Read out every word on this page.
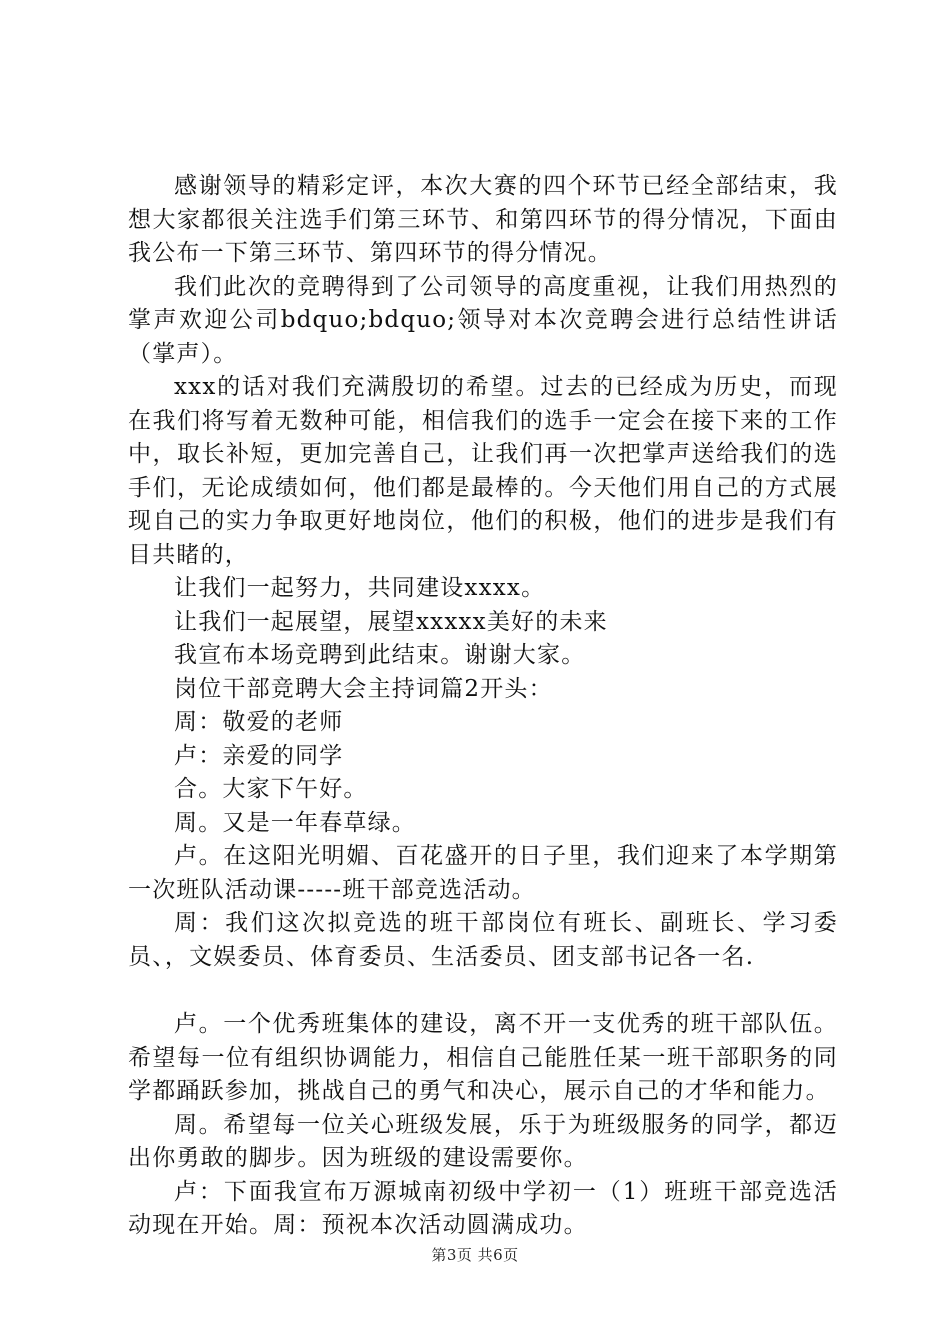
感谢领导的精彩定评，本次大赛的四个环节已经全部结束，我想大家都很关注选手们第三环节、和第四环节的得分情况，下面由我公布一下第三环节、第四环节的得分情况。

我们此次的竞聘得到了公司领导的高度重视，让我们用热烈的掌声欢迎公司bdquo;bdquo;领导对本次竞聘会进行总结性讲话（掌声）。

xxx的话对我们充满殷切的希望。过去的已经成为历史，而现在我们将写着无数种可能，相信我们的选手一定会在接下来的工作中，取长补短，更加完善自己，让我们再一次把掌声送给我们的选手们，无论成绩如何，他们都是最棒的。今天他们用自己的方式展现自己的实力争取更好地岗位，他们的积极，他们的进步是我们有目共睹的，

让我们一起努力，共同建设xxxx。

让我们一起展望，展望xxxxx美好的未来

我宣布本场竞聘到此结束。谢谢大家。

岗位干部竞聘大会主持词篇2开头：

周：敬爱的老师

卢：亲爱的同学

合。大家下午好。

周。又是一年春草绿。

卢。在这阳光明媚、百花盛开的日子里，我们迎来了本学期第一次班队活动课-----班干部竞选活动。

周：我们这次拟竞选的班干部岗位有班长、副班长、学习委员、，文娱委员、体育委员、生活委员、团支部书记各一名.

卢。一个优秀班集体的建设，离不开一支优秀的班干部队伍。希望每一位有组织协调能力，相信自己能胜任某一班干部职务的同学都踊跃参加，挑战自己的勇气和决心，展示自己的才华和能力。

周。希望每一位关心班级发展，乐于为班级服务的同学，都迈出你勇敢的脚步。因为班级的建设需要你。

卢：下面我宣布万源城南初级中学初一（1）班班干部竞选活动现在开始。周：预祝本次活动圆满成功。

第3页 共6页
